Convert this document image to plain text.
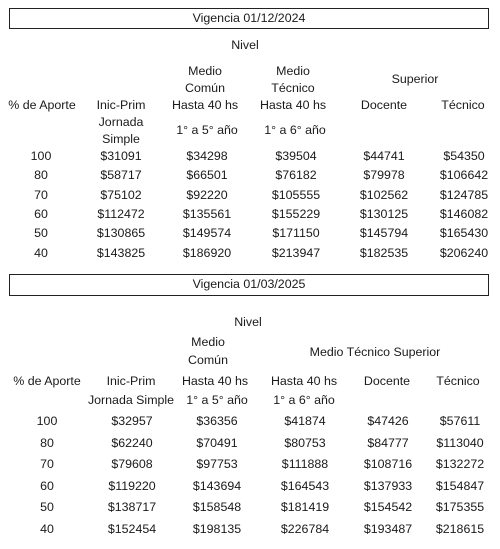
Vigencia 01/12/2024
Nivel
Medio
Común
Hasta 40 hs
1° a 5° año
Medio
Técnico
Hasta 40 hs
1° a 6° año
Superior
% de Aporte Inic-Prim
Jornada
Simple
Docente	Técnico
100	$31091	$34298	$39504	$44741	$54350
80	$58717	$66501	$76182	$79978	$106642
70	$75102	$92220	$105555	$102562	$124785
60	$112472	$135561	$155229	$130125	$146082
50	$130865	$149574	$171150	$145794	$165430
40	$143825	$186920	$213947	$182535	$206240
Vigencia 01/03/2025
Nivel
Medio
Común
Hasta 40 hs
1° a 5° año
Medio Técnico Superior
% de Aporte Inic-Prim
Jornada Simple
Hasta 40 hs
1° a 6° año
Docente Técnico
100	$32957	$36356	$41874	$47426	$57611
80	$62240	$70491	$80753	$84777 $113040
70	$79608	$97753	$111888	$108716 $132272
60	$119220	$143694	$164543	$137933 $154847
50	$138717	$158548	$181419	$154542 $175355
40	$152454	$198135	$226784	$193487 $218615
